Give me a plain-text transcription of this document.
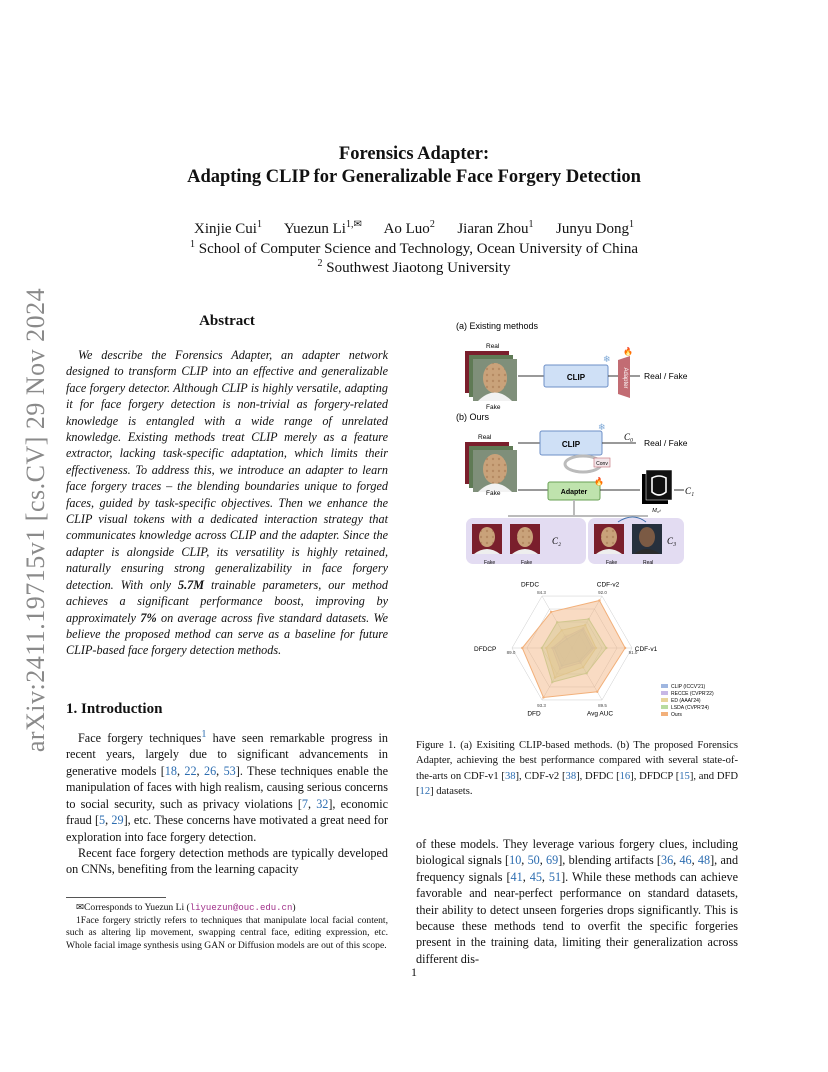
arXiv:2411.19715v1 [cs.CV] 29 Nov 2024
Forensics Adapter:
Adapting CLIP for Generalizable Face Forgery Detection
Xinjie Cui$^1$ Yuezun $Li^{1,✉}$ Ao Luo$^2$ Jiaran Zhou$^1$ Junyu Dong$^1$
$^1$ School of Computer Science and Technology, Ocean University of China
$^2$ Southwest Jiaotong University
Abstract
We describe the Forensics Adapter, an adapter network designed to transform CLIP into an effective and generalizable face forgery detector. Although CLIP is highly versatile, adapting it for face forgery detection is non-trivial as forgery-related knowledge is entangled with a wide range of unrelated knowledge. Existing methods treat CLIP merely as a feature extractor, lacking task-specific adaptation, which limits their effectiveness. To address this, we introduce an adapter to learn face forgery traces – the blending boundaries unique to forged faces, guided by task-specific objectives. Then we enhance the CLIP visual tokens with a dedicated interaction strategy that communicates knowledge across CLIP and the adapter. Since the adapter is alongside CLIP, its versatility is highly retained, naturally ensuring strong generalizability in face forgery detection. With only 5.7M trainable parameters, our method achieves a significant performance boost, improving by approximately 7% on average across five standard datasets. We believe the proposed method can serve as a baseline for future CLIP-based face forgery detection methods.
1. Introduction

Face forgery techniques$^1$ have seen remarkable progress in recent years, largely due to significant advancements in generative models [18, 22, 26, 53]. These techniques enable the manipulation of faces with high realism, causing serious concerns to social security, such as privacy violations [7, 32], economic fraud [5, 29], etc. These concerns have motivated a great need for exploration into face forgery detection.

Recent face forgery detection methods are typically developed on CNNs, benefiting from the learning capacity

✉Corresponds to Yuezun Li (liyuezun@ouc.edu.cn)

1Face forgery strictly refers to techniques that manipulate local facial content, such as altering lip movement, swapping central face, editing expression, etc. Whole facial image synthesis using GAN or Diffusion models are out of this scope.

(a) Existing methods
Real
Fake
CLIP
❄
Adapter
🔥
Real / Fake
(b) Ours
Real
Fake
CLIP
❄
C₀
Real / Fake
Conv
Adapter
🔥
M₀ₜ
C₁
C₂
Fake	Fake
C₃
Fake	Real
CDF-v2
92.0
CDF-v1
91.0
Avg AUC
89.5
DFD
93.3
DFDCP 89.0
DFDC
84.3
CLIP (ICCV'21)
RECCE (CVPR'22)
ED (AAAI'24)
LSDA (CVPR'24)
Ours
Figure 1. (a) Exisiting CLIP-based methods. (b) The proposed Forensics Adapter, achieving the best performance compared with several state-of-the-arts on CDF-v1 [38], CDF-v2 [38], DFDC [16], DFDCP [15], and DFD [12] datasets.
of these models. They leverage various forgery clues, including biological signals [10, 50, 69], blending artifacts [36, 46, 48], and frequency signals [41, 45, 51]. While these methods can achieve favorable and near-perfect performance on standard datasets, their ability to detect unseen forgeries drops significantly. This is because these methods tend to overfit the specific forgeries present in the training data, limiting their generalization across different dis-
1
